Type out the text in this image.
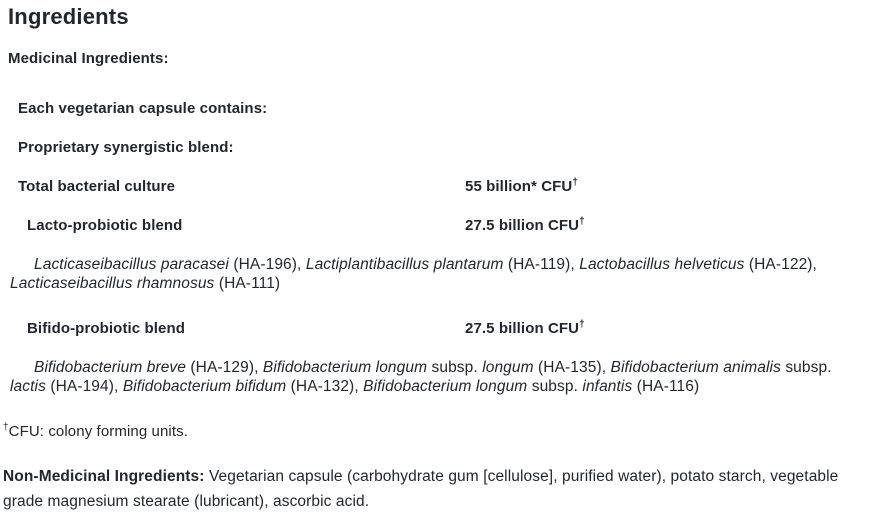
Ingredients

Medicinal Ingredients:

Each vegetarian capsule contains:
Proprietary synergistic blend:
Total bacterial culture	55 billion* CFU†
Lacto-probiotic blend	27.5 billion CFU†
Lacticaseibacillus paracasei (HA-196), Lactiplantibacillus plantarum (HA-119), Lactobacillus helveticus (HA-122), Lacticaseibacillus rhamnosus (HA-111)
Bifido-probiotic blend	27.5 billion CFU†
Bifidobacterium breve (HA-129), Bifidobacterium longum subsp. longum (HA-135), Bifidobacterium animalis subsp. lactis (HA-194), Bifidobacterium bifidum (HA-132), Bifidobacterium longum subsp. infantis (HA-116)

†CFU: colony forming units.

Non-Medicinal Ingredients: Vegetarian capsule (carbohydrate gum [cellulose], purified water), potato starch, vegetable grade magnesium stearate (lubricant), ascorbic acid.
